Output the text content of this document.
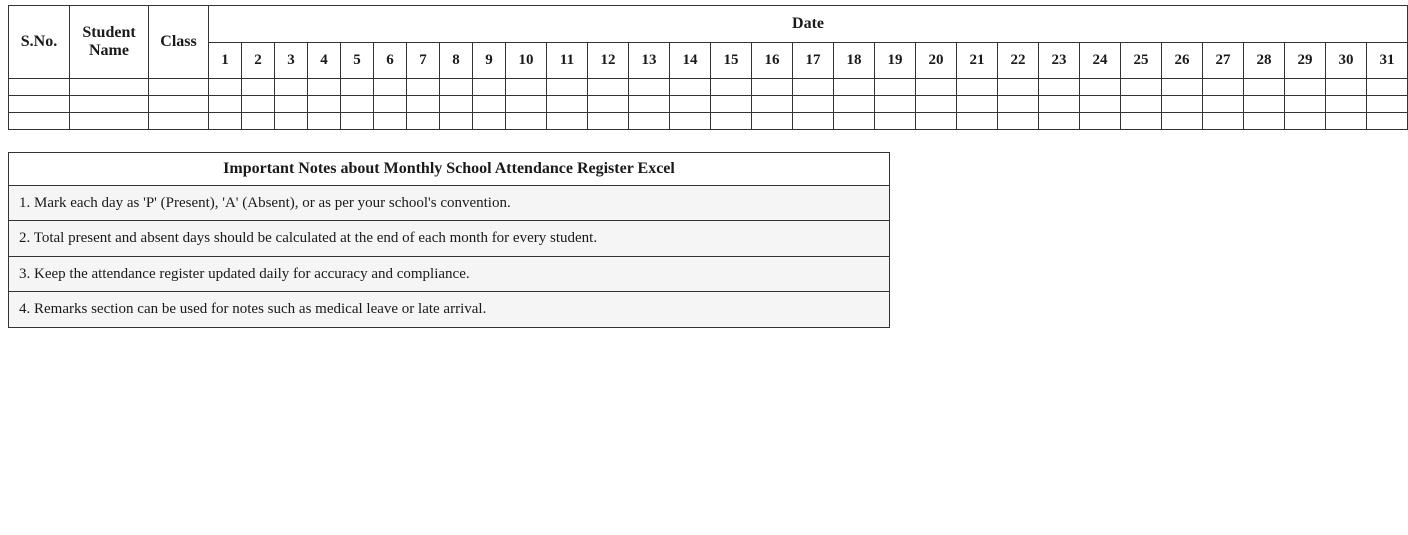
S.No.	Student Name	Class	Date																														
			1	2	3	4	5	6	7	8	9	10	11	12	13	14	15	16	17	18	19	20	21	22	23	24	25	26	27	28	29	30	31

Important Notes about Monthly School Attendance Register Excel
1. Mark each day as 'P' (Present), 'A' (Absent), or as per your school's convention.
2. Total present and absent days should be calculated at the end of each month for every student.
3. Keep the attendance register updated daily for accuracy and compliance.
4. Remarks section can be used for notes such as medical leave or late arrival.
